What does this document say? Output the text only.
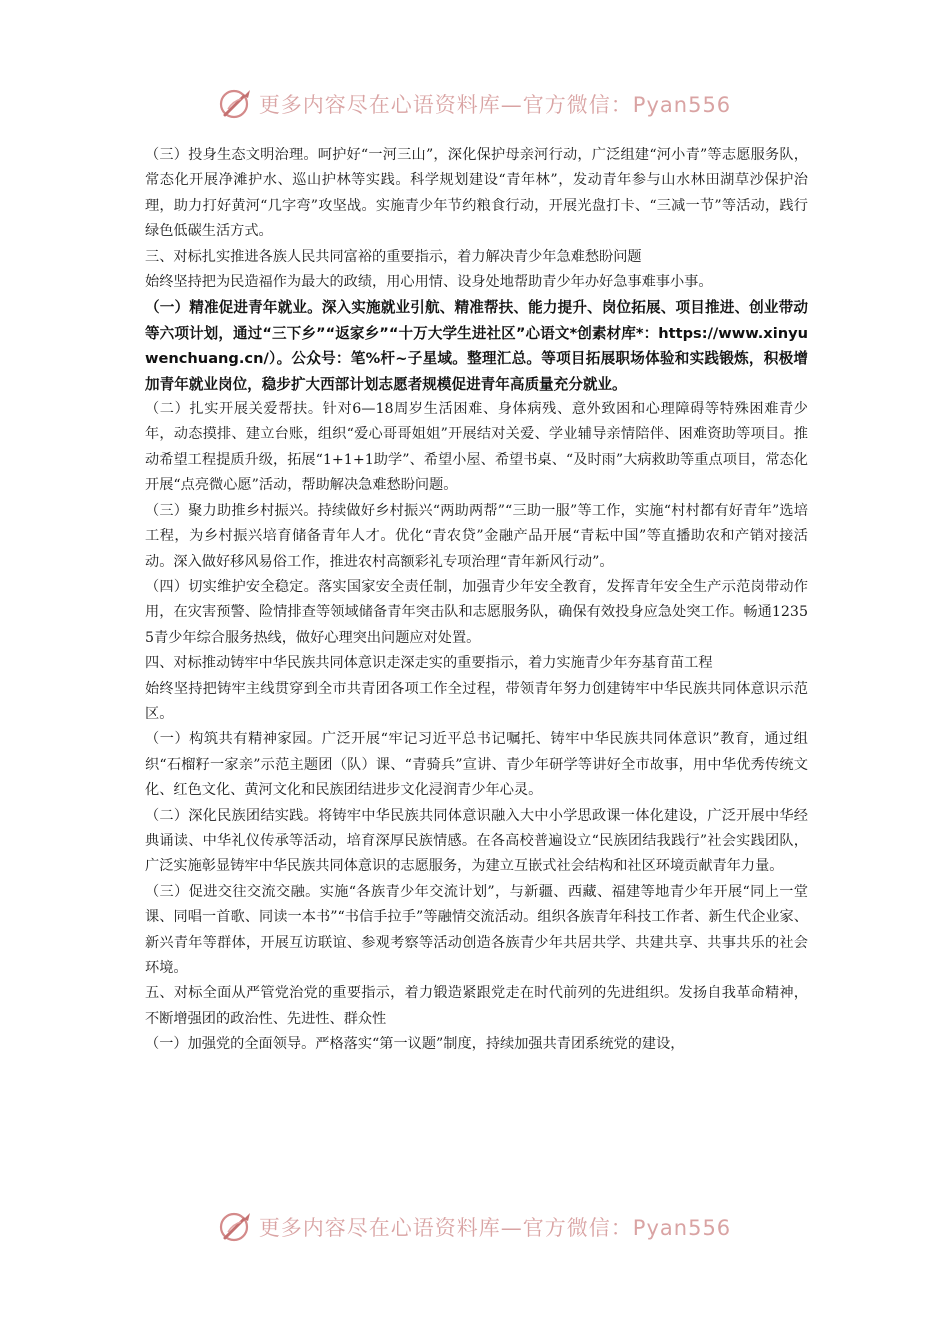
更多内容尽在心语资料库—官方微信：Pyan556

（三）投身生态文明治理。呵护好“一河三山”，深化保护母亲河行动，广泛组建“河小青”等志愿服务队，常态化开展净滩护水、巡山护林等实践。科学规划建设“青年林”，发动青年参与山水林田湖草沙保护治理，助力打好黄河“几字弯”攻坚战。实施青少年节约粮食行动，开展光盘打卡、“三减一节”等活动，践行绿色低碳生活方式。

三、对标扎实推进各族人民共同富裕的重要指示，着力解决青少年急难愁盼问题

始终坚持把为民造福作为最大的政绩，用心用情、设身处地帮助青少年办好急事难事小事。

（一）精准促进青年就业。深入实施就业引航、精准帮扶、能力提升、岗位拓展、项目推进、创业带动等六项计划，通过“三下乡”“返家乡”“十万大学生进社区”心语文*创素材库*：https://www.xinyuwenchuang.cn/）。公众号：笔%杆~子星域。整理汇总。等项目拓展职场体验和实践锻炼，积极增加青年就业岗位，稳步扩大西部计划志愿者规模促进青年高质量充分就业。

（二）扎实开展关爱帮扶。针对6—18周岁生活困难、身体病残、意外致困和心理障碍等特殊困难青少年，动态摸排、建立台账，组织“爱心哥哥姐姐”开展结对关爱、学业辅导亲情陪伴、困难资助等项目。推动希望工程提质升级，拓展“1+1+1助学”、希望小屋、希望书桌、“及时雨”大病救助等重点项目，常态化开展“点亮微心愿”活动，帮助解决急难愁盼问题。

（三）聚力助推乡村振兴。持续做好乡村振兴“两助两帮”“三助一服”等工作，实施“村村都有好青年”选培工程，为乡村振兴培育储备青年人才。优化“青农贷”金融产品开展“青耘中国”等直播助农和产销对接活动。深入做好移风易俗工作，推进农村高额彩礼专项治理“青年新风行动”。

（四）切实维护安全稳定。落实国家安全责任制，加强青少年安全教育，发挥青年安全生产示范岗带动作用，在灾害预警、险情排查等领域储备青年突击队和志愿服务队，确保有效投身应急处突工作。畅通12355青少年综合服务热线，做好心理突出问题应对处置。

四、对标推动铸牢中华民族共同体意识走深走实的重要指示，着力实施青少年夯基育苗工程

始终坚持把铸牢主线贯穿到全市共青团各项工作全过程，带领青年努力创建铸牢中华民族共同体意识示范区。

（一）构筑共有精神家园。广泛开展“牢记习近平总书记嘱托、铸牢中华民族共同体意识”教育，通过组织“石榴籽一家亲”示范主题团（队）课、“青骑兵”宣讲、青少年研学等讲好全市故事，用中华优秀传统文化、红色文化、黄河文化和民族团结进步文化浸润青少年心灵。

（二）深化民族团结实践。将铸牢中华民族共同体意识融入大中小学思政课一体化建设，广泛开展中华经典诵读、中华礼仪传承等活动，培育深厚民族情感。在各高校普遍设立“民族团结我践行”社会实践团队，广泛实施彰显铸牢中华民族共同体意识的志愿服务，为建立互嵌式社会结构和社区环境贡献青年力量。

（三）促进交往交流交融。实施“各族青少年交流计划”，与新疆、西藏、福建等地青少年开展“同上一堂课、同唱一首歌、同读一本书”“书信手拉手”等融情交流活动。组织各族青年科技工作者、新生代企业家、新兴青年等群体，开展互访联谊、参观考察等活动创造各族青少年共居共学、共建共享、共事共乐的社会环境。

五、对标全面从严管党治党的重要指示，着力锻造紧跟党走在时代前列的先进组织。发扬自我革命精神，不断增强团的政治性、先进性、群众性

（一）加强党的全面领导。严格落实“第一议题”制度，持续加强共青团系统党的建设，

更多内容尽在心语资料库—官方微信：Pyan556
